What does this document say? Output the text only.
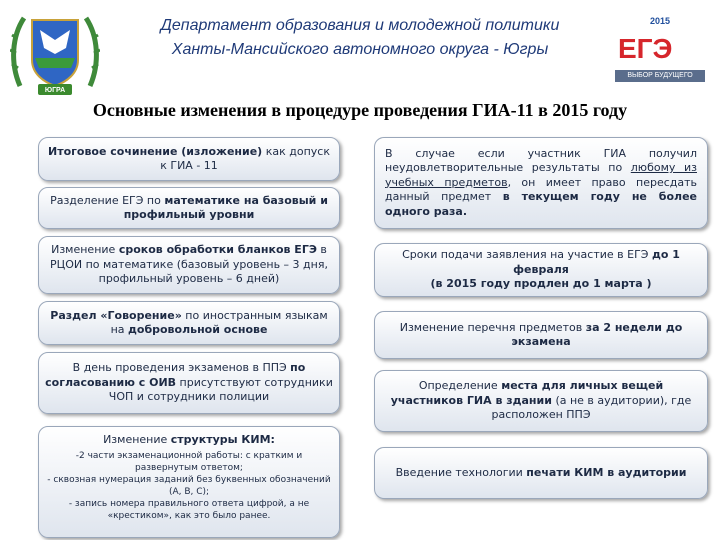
ЮГРА
Департамент образования и молодежной политики
Ханты-Мансийского автономного округа - Югры
2015
ЕГЭ
ВЫБОР БУДУЩЕГО
Основные изменения в процедуре проведения ГИА-11 в 2015 году
Итоговое сочинение (изложение) как допуск к ГИА - 11
Разделение ЕГЭ по математике на базовый и профильный уровни
Изменение сроков обработки бланков ЕГЭ в РЦОИ по математике (базовый уровень – 3 дня, профильный уровень – 6 дней)
Раздел «Говорение» по иностранным языкам на добровольной основе
В день проведения экзаменов в ППЭ по согласованию с ОИВ присутствуют сотрудники ЧОП и сотрудники полиции
Изменение структуры КИМ:
-2 части экзаменационной работы: с кратким и развернутым ответом;
- сквозная нумерация заданий без буквенных обозначений (А, В, С);
- запись номера правильного ответа цифрой, а не «крестиком», как это было ранее.
В случае если участник ГИА получил неудовлетворительные результаты по любому из учебных предметов, он имеет право пересдать данный предмет в текущем году не более одного раза.
Сроки подачи заявления на участие в ЕГЭ до 1 февраля
(в 2015 году продлен до 1 марта )
Изменение перечня предметов за 2 недели до экзамена
Определение места для личных вещей участников ГИА в здании (а не в аудитории), где расположен ППЭ
Введение технологии печати КИМ в аудитории
